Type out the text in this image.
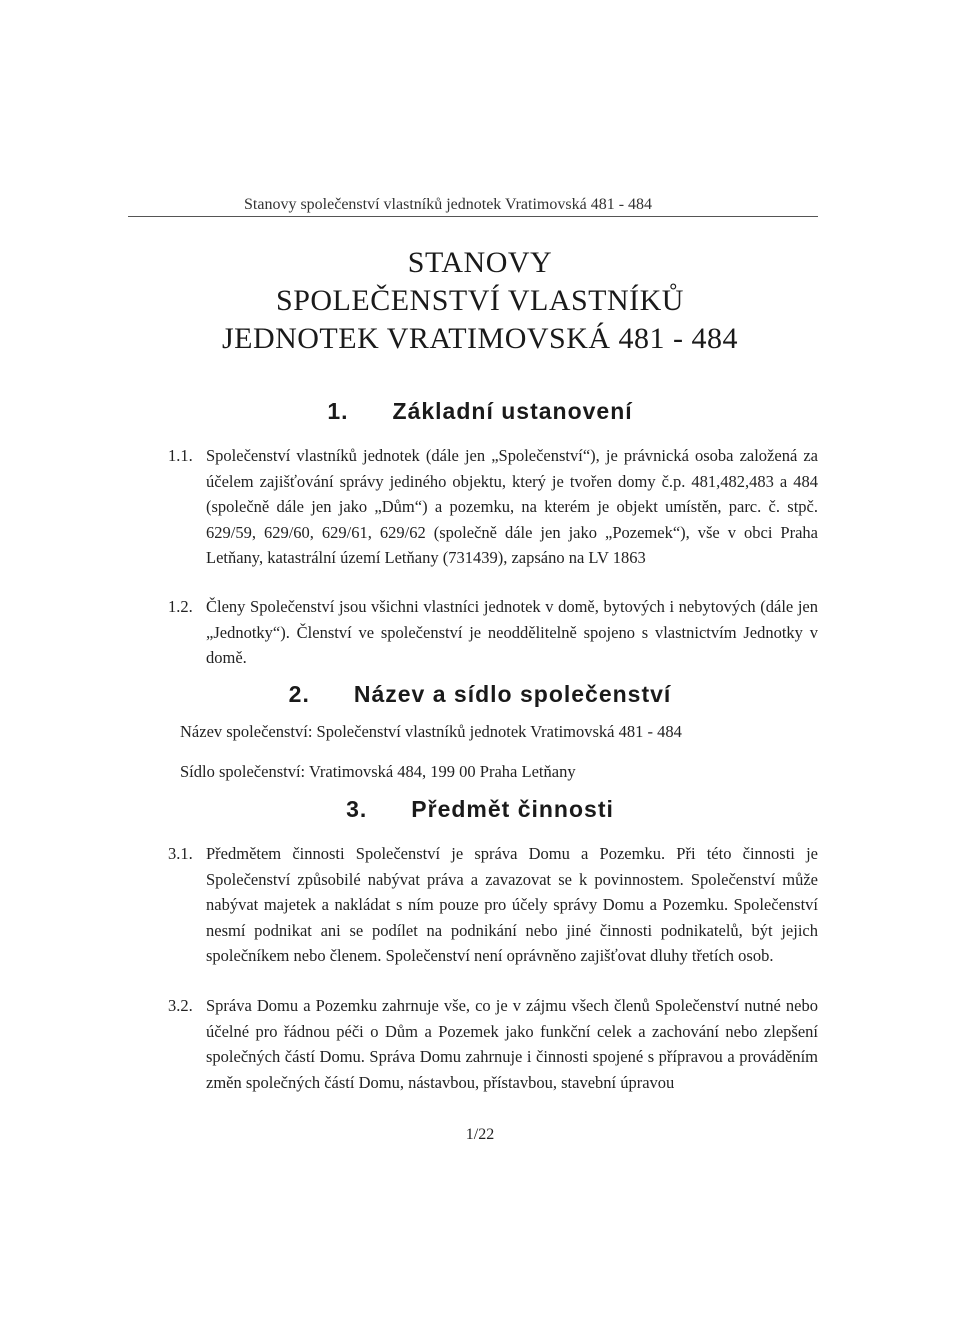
Stanovy společenství vlastníků jednotek Vratimovská 481 - 484
STANOVY
SPOLEČENSTVÍ VLASTNÍKŮ
JEDNOTEK VRATIMOVSKÁ 481 - 484
1. Základní ustanovení
1.1. Společenství vlastníků jednotek (dále jen „Společenství“), je právnická osoba založená za účelem zajišťování správy jediného objektu, který je tvořen domy č.p. 481,482,483 a 484 (společně dále jen jako „Dům“) a pozemku, na kterém je objekt umístěn, parc. č. stpč. 629/59, 629/60, 629/61, 629/62 (společně dále jen jako „Pozemek“), vše v obci Praha Letňany, katastrální území Letňany (731439), zapsáno na LV 1863
1.2. Členy Společenství jsou všichni vlastníci jednotek v domě, bytových i nebytových (dále jen „Jednotky“). Členství ve společenství je neoddělitelně spojeno s vlastnictvím Jednotky v domě.
2. Název a sídlo společenství
Název společenství: Společenství vlastníků jednotek Vratimovská 481 - 484
Sídlo společenství: Vratimovská 484, 199 00 Praha Letňany
3. Předmět činnosti
3.1. Předmětem činnosti Společenství je správa Domu a Pozemku. Při této činnosti je Společenství způsobilé nabývat práva a zavazovat se k povinnostem. Společenství může nabývat majetek a nakládat s ním pouze pro účely správy Domu a Pozemku. Společenství nesmí podnikat ani se podílet na podnikání nebo jiné činnosti podnikatelů, být jejich společníkem nebo členem. Společenství není oprávněno zajišťovat dluhy třetích osob.
3.2. Správa Domu a Pozemku zahrnuje vše, co je v zájmu všech členů Společenství nutné nebo účelné pro řádnou péči o Dům a Pozemek jako funkční celek a zachování nebo zlepšení společných částí Domu. Správa Domu zahrnuje i činnosti spojené s přípravou a prováděním změn společných částí Domu, nástavbou, přístavbou, stavební úpravou
1/22
